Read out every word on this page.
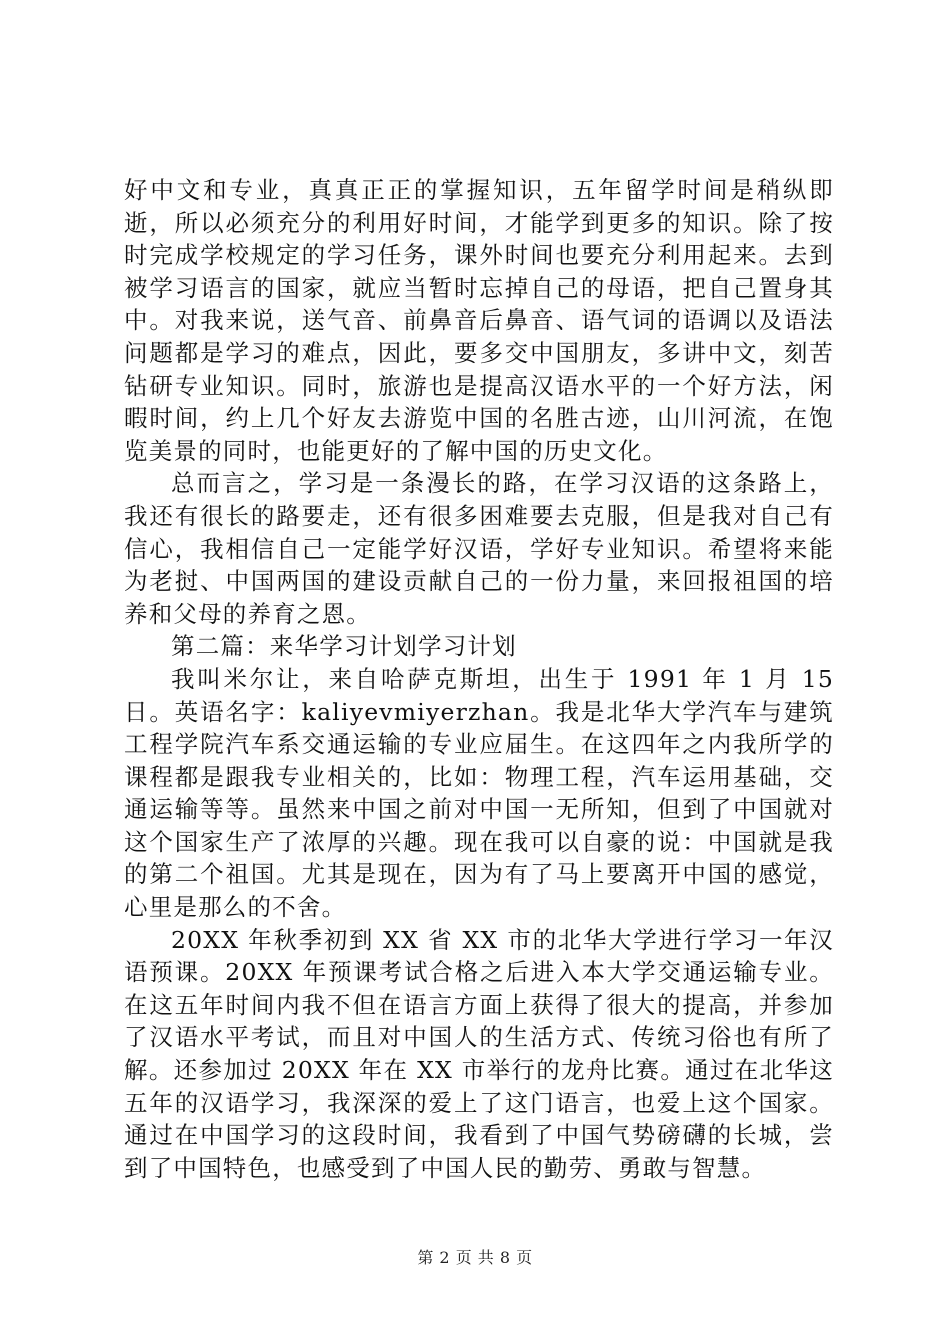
好中文和专业，真真正正的掌握知识，五年留学时间是稍纵即逝，所以必须充分的利用好时间，才能学到更多的知识。除了按时完成学校规定的学习任务，课外时间也要充分利用起来。去到被学习语言的国家，就应当暂时忘掉自己的母语，把自己置身其中。对我来说，送气音、前鼻音后鼻音、语气词的语调以及语法问题都是学习的难点，因此，要多交中国朋友，多讲中文，刻苦钻研专业知识。同时，旅游也是提高汉语水平的一个好方法，闲暇时间，约上几个好友去游览中国的名胜古迹，山川河流，在饱览美景的同时，也能更好的了解中国的历史文化。

总而言之，学习是一条漫长的路，在学习汉语的这条路上，我还有很长的路要走，还有很多困难要去克服，但是我对自己有信心，我相信自己一定能学好汉语，学好专业知识。希望将来能为老挝、中国两国的建设贡献自己的一份力量，来回报祖国的培养和父母的养育之恩。

第二篇：来华学习计划学习计划

我叫米尔让，来自哈萨克斯坦，出生于 1991 年 1 月 15 日。英语名字：kaliyevmiyerzhan。我是北华大学汽车与建筑工程学院汽车系交通运输的专业应届生。在这四年之内我所学的课程都是跟我专业相关的，比如：物理工程，汽车运用基础，交通运输等等。虽然来中国之前对中国一无所知，但到了中国就对这个国家生产了浓厚的兴趣。现在我可以自豪的说：中国就是我的第二个祖国。尤其是现在，因为有了马上要离开中国的感觉，心里是那么的不舍。

20XX 年秋季初到 XX 省 XX 市的北华大学进行学习一年汉语预课。20XX 年预课考试合格之后进入本大学交通运输专业。在这五年时间内我不但在语言方面上获得了很大的提高，并参加了汉语水平考试，而且对中国人的生活方式、传统习俗也有所了解。还参加过 20XX 年在 XX 市举行的龙舟比赛。通过在北华这五年的汉语学习，我深深的爱上了这门语言，也爱上这个国家。通过在中国学习的这段时间，我看到了中国气势磅礴的长城，尝到了中国特色，也感受到了中国人民的勤劳、勇敢与智慧。

第 2 页 共 8 页
